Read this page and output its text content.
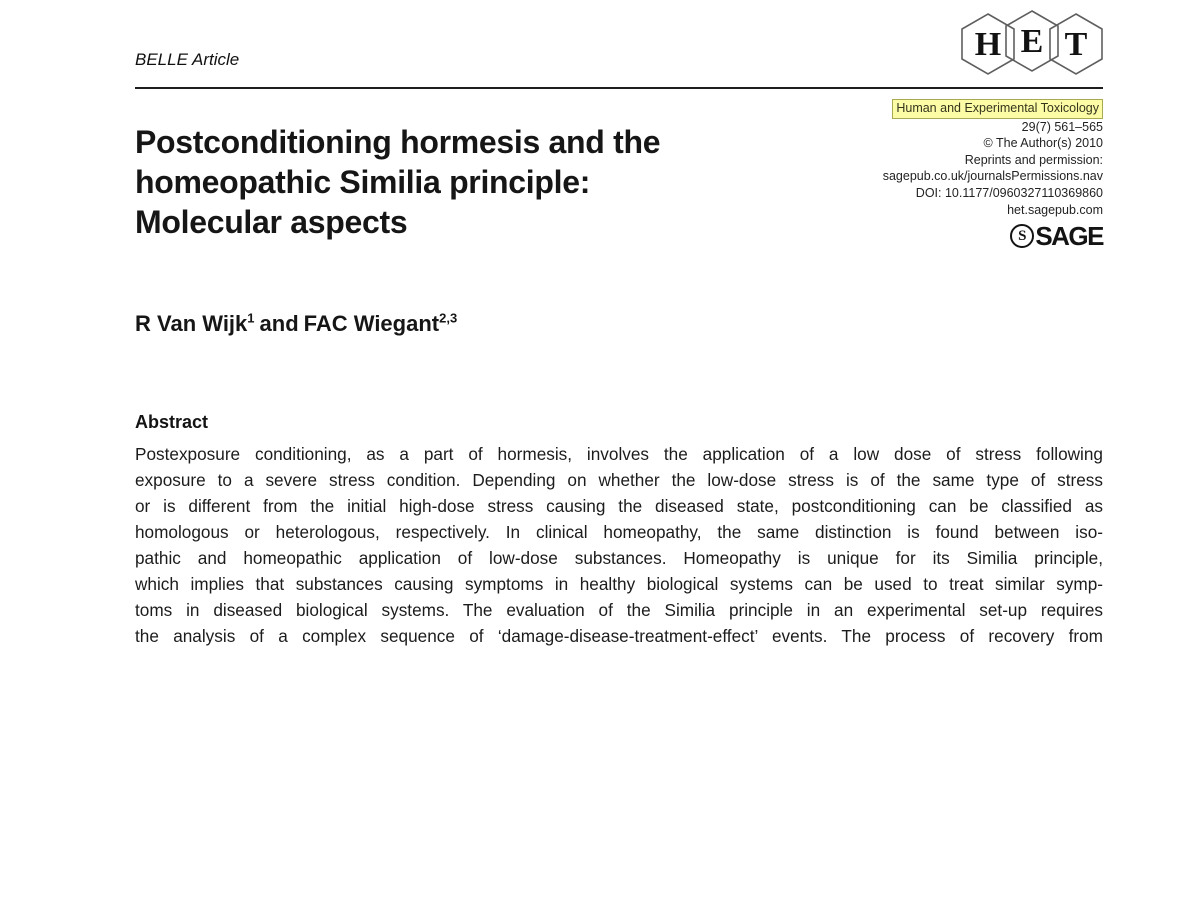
BELLE Article	H E T
Human and Experimental Toxicology
29(7) 561–565
© The Author(s) 2010
Reprints and permission:
sagepub.co.uk/journalsPermissions.nav
DOI: 10.1177/0960327110369860
het.sagepub.com
S SAGE
Postconditioning hormesis and the
homeopathic Similia principle:
Molecular aspects
R Van Wijk$^1$ and FAC Wiegant$^{2,3}$
Abstract
Postexposure conditioning, as a part of hormesis, involves the application of a low dose of stress following
exposure to a severe stress condition. Depending on whether the low-dose stress is of the same type of stress
or is different from the initial high-dose stress causing the diseased state, postconditioning can be classified as
homologous or heterologous, respectively. In clinical homeopathy, the same distinction is found between iso-
pathic and homeopathic application of low-dose substances. Homeopathy is unique for its Similia principle,
which implies that substances causing symptoms in healthy biological systems can be used to treat similar symp-
toms in diseased biological systems. The evaluation of the Similia principle in an experimental set-up requires
the analysis of a complex sequence of ‘damage-disease-treatment-effect’ events. The process of recovery from
